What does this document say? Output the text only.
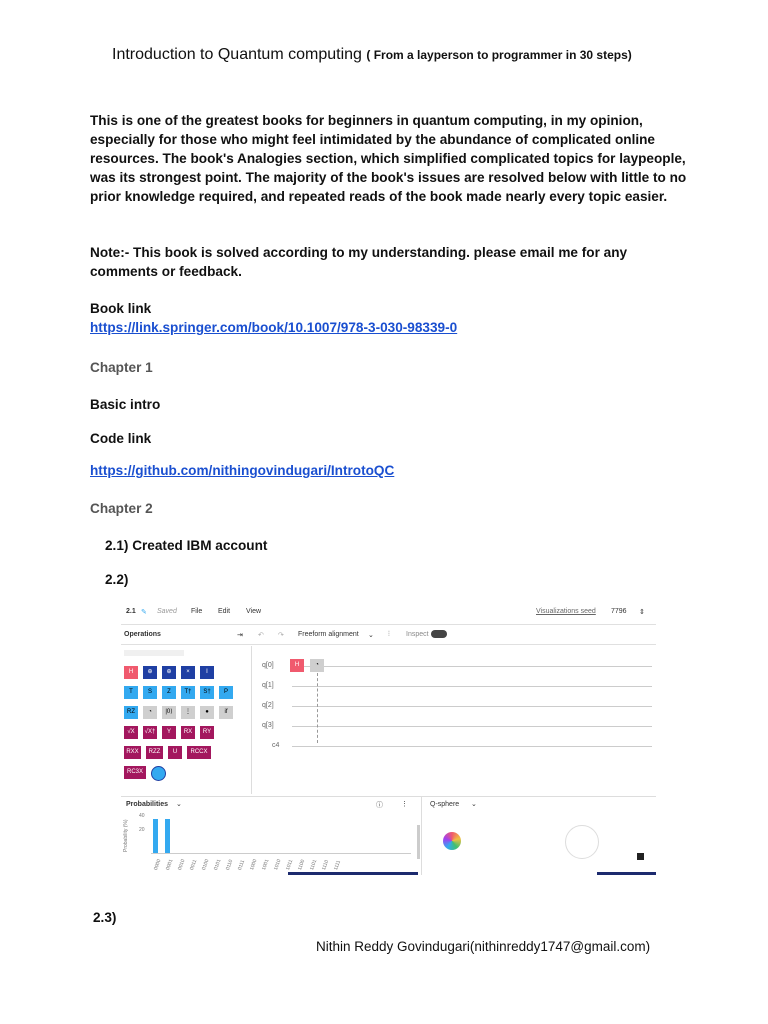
Introduction to Quantum computing ( From a layperson to programmer in 30 steps)
This is one of the greatest books for beginners in quantum computing, in my opinion, especially for those who might feel intimidated by the abundance of complicated online resources. The book's Analogies section, which simplified complicated topics for laypeople, was its strongest point. The majority of the book's issues are resolved below with little to no prior knowledge required, and repeated reads of the book made nearly every topic easier.
Note:- This book is solved according to my understanding. please email me for any comments or feedback.
Book link
https://link.springer.com/book/10.1007/978-3-030-98339-0
Chapter 1
Basic intro
Code link
https://github.com/nithingovindugari/IntrotoQC
Chapter 2
2.1) Created IBM account
2.2)
2.1 ✎ Saved File Edit View	Visualizations seed 7796 ⇕
Operations	⇥ ↶ ↷ Freeform alignment ⌄ ⫶ Inspect
H	⊕	⊕	×	I
T	S	Z	T†	S†	P
RZ	◔	|0⟩	⋮	●	if
√X	√X†	Y	RX	RY
RXX	RZZ	U	RCCX
RC3X
q[0]
q[1]
q[2]
q[3]
c4
H	◔
Probabilities ⌄	ⓘ	⋮
Probability (%)
40
20
0000 0001 0010 0011 0100 0101 0110 0111 1000 1001 1010 1011 1100 1101 1110 1111
Q-sphere ⌄
2.3)
Nithin Reddy Govindugari(nithinreddy1747@gmail.com)
